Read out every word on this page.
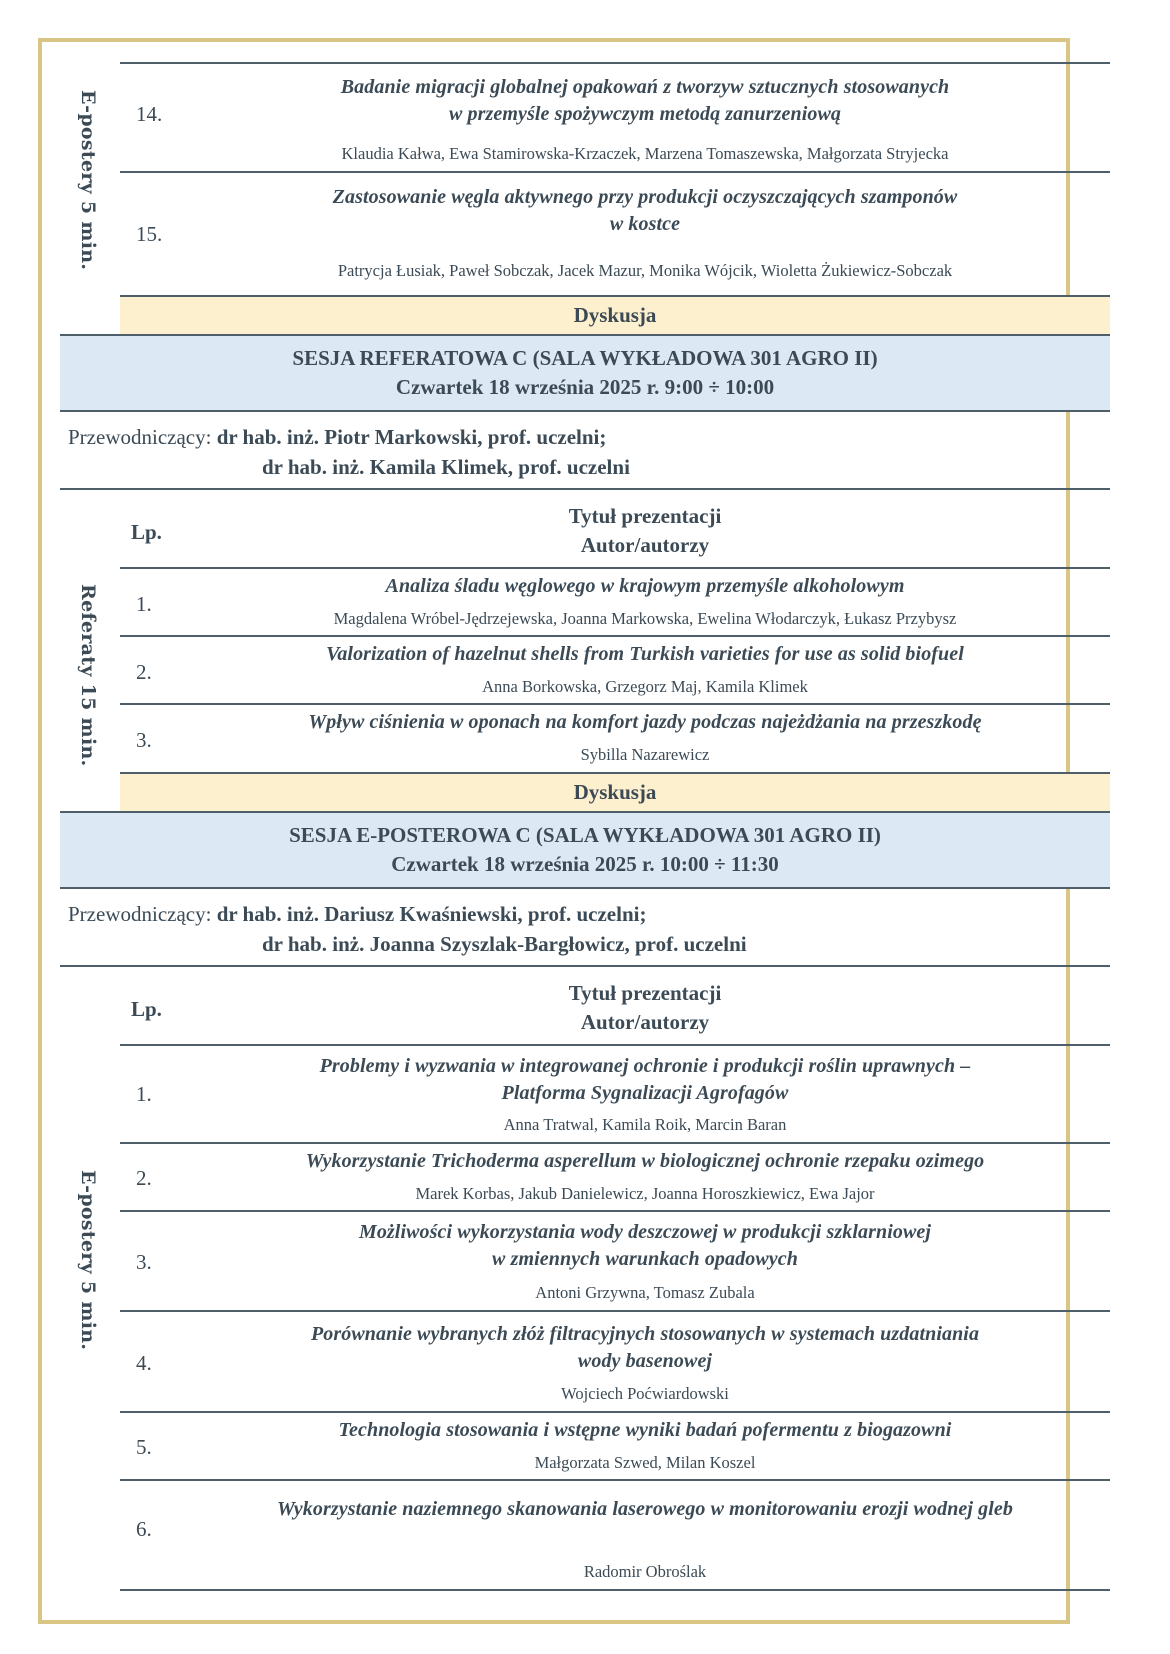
E-postery 5 min. 14.
Badanie migracji globalnej opakowań z tworzyw sztucznych stosowanych
w przemyśle spożywczym metodą zanurzeniową
Klaudia Kałwa, Ewa Stamirowska-Krzaczek, Marzena Tomaszewska, Małgorzata Stryjecka
15.
Zastosowanie węgla aktywnego przy produkcji oczyszczających szamponów
w kostce
Patrycja Łusiak, Paweł Sobczak, Jacek Mazur, Monika Wójcik, Wioletta Żukiewicz-Sobczak
Dyskusja
SESJA REFERATOWA C (SALA WYKŁADOWA 301 AGRO II)
Czwartek 18 września 2025 r. 9:00 ÷ 10:00
Przewodniczący: dr hab. inż. Piotr Markowski, prof. uczelni;
dr hab. inż. Kamila Klimek, prof. uczelni
Referaty 15 min.
Lp.
Tytuł prezentacji
Autor/autorzy
1.
Analiza śladu węglowego w krajowym przemyśle alkoholowym
Magdalena Wróbel-Jędrzejewska, Joanna Markowska, Ewelina Włodarczyk, Łukasz Przybysz
2.
Valorization of hazelnut shells from Turkish varieties for use as solid biofuel
Anna Borkowska, Grzegorz Maj, Kamila Klimek
3.
Wpływ ciśnienia w oponach na komfort jazdy podczas najeżdżania na przeszkodę
Sybilla Nazarewicz
Dyskusja
SESJA E-POSTEROWA C (SALA WYKŁADOWA 301 AGRO II)
Czwartek 18 września 2025 r. 10:00 ÷ 11:30
Przewodniczący: dr hab. inż. Dariusz Kwaśniewski, prof. uczelni;
dr hab. inż. Joanna Szyszlak-Bargłowicz, prof. uczelni
E-postery 5 min.
Lp.
Tytuł prezentacji
Autor/autorzy
1.
Problemy i wyzwania w integrowanej ochronie i produkcji roślin uprawnych –
Platforma Sygnalizacji Agrofagów
Anna Tratwal, Kamila Roik, Marcin Baran
2.
Wykorzystanie Trichoderma asperellum w biologicznej ochronie rzepaku ozimego
Marek Korbas, Jakub Danielewicz, Joanna Horoszkiewicz, Ewa Jajor
3.
Możliwości wykorzystania wody deszczowej w produkcji szklarniowej
w zmiennych warunkach opadowych
Antoni Grzywna, Tomasz Zubala
4.
Porównanie wybranych złóż filtracyjnych stosowanych w systemach uzdatniania
wody basenowej
Wojciech Poćwiardowski
5.
Technologia stosowania i wstępne wyniki badań pofermentu z biogazowni
Małgorzata Szwed, Milan Koszel
6.
Wykorzystanie naziemnego skanowania laserowego w monitorowaniu erozji wodnej gleb
Radomir Obroślak
